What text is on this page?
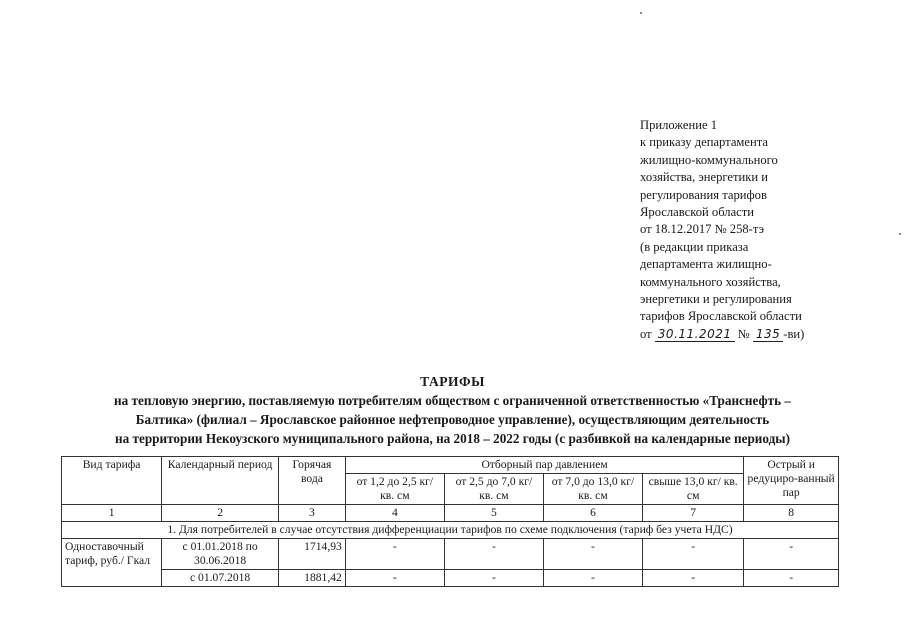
Приложение 1
к приказу департамента
жилищно-коммунального
хозяйства, энергетики и
регулирования тарифов
Ярославской области
от 18.12.2017 № 258-тэ
(в редакции приказа
департамента жилищно-
коммунального хозяйства,
энергетики и регулирования
тарифов Ярославской области
от 30.11.2021 № 135 -ви)
ТАРИФЫ
на тепловую энергию, поставляемую потребителям обществом с ограниченной ответственностью «Транснефть –
Балтика» (филиал – Ярославское районное нефтепроводное управление), осуществляющим деятельность
на территории Некоузского муниципального района, на 2018 – 2022 годы (с разбивкой на календарные периоды)
Вид тарифа	Календарный период	Горячая вода	Отборный пар давлением				Острый и редуциро-ванный пар
			от 1,2 до 2,5 кг/ кв. см	от 2,5 до 7,0 кг/ кв. см	от 7,0 до 13,0 кг/ кв. см	свыше 13,0 кг/ кв. см	
1	2	3	4	5	6	7	8
1. Для потребителей в случае отсутствия дифференциации тарифов по схеме подключения (тариф без учета НДС)							
Одноставочный тариф, руб./ Гкал	с 01.01.2018 по 30.06.2018	1714,93	-	-	-	-	-
	с 01.07.2018	1881,42	-	-	-	-	-
